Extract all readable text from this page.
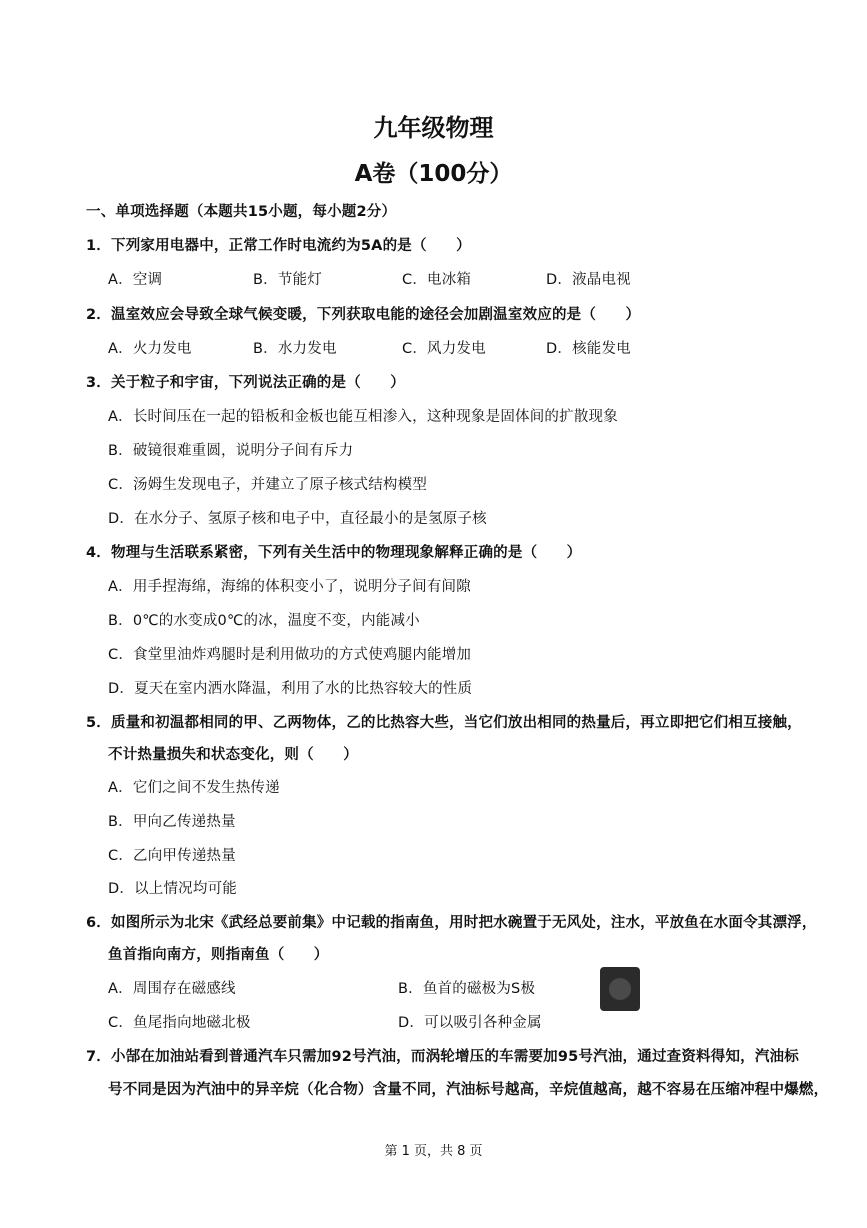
九年级物理
A卷（100分）
一、单项选择题（本题共15小题，每小题2分）
1．下列家用电器中，正常工作时电流约为5A的是（　　）
A．空调	B．节能灯	C．电冰箱	D．液晶电视
2．温室效应会导致全球气候变暖，下列获取电能的途径会加剧温室效应的是（　　）
A．火力发电	B．水力发电	C．风力发电	D．核能发电
3．关于粒子和宇宙，下列说法正确的是（　　）
A．长时间压在一起的铅板和金板也能互相渗入，这种现象是固体间的扩散现象
B．破镜很难重圆，说明分子间有斥力
C．汤姆生发现电子，并建立了原子核式结构模型
D．在水分子、氢原子核和电子中，直径最小的是氢原子核
4．物理与生活联系紧密，下列有关生活中的物理现象解释正确的是（　　）
A．用手捏海绵，海绵的体积变小了，说明分子间有间隙
B．0℃的水变成0℃的冰，温度不变，内能减小
C．食堂里油炸鸡腿时是利用做功的方式使鸡腿内能增加
D．夏天在室内洒水降温，利用了水的比热容较大的性质
5．质量和初温都相同的甲、乙两物体，乙的比热容大些，当它们放出相同的热量后，再立即把它们相互接触，
不计热量损失和状态变化，则（　　）
A．它们之间不发生热传递
B．甲向乙传递热量
C．乙向甲传递热量
D．以上情况均可能
6．如图所示为北宋《武经总要前集》中记载的指南鱼，用时把水碗置于无风处，注水，平放鱼在水面令其漂浮，
鱼首指向南方，则指南鱼（　　）
A．周围存在磁感线	B．鱼首的磁极为S极
C．鱼尾指向地磁北极	D．可以吸引各种金属
7．小郜在加油站看到普通汽车只需加92号汽油，而涡轮增压的车需要加95号汽油，通过查资料得知，汽油标
号不同是因为汽油中的异辛烷（化合物）含量不同，汽油标号越高，辛烷值越高，越不容易在压缩冲程中爆燃，
第 1 页，共 8 页
